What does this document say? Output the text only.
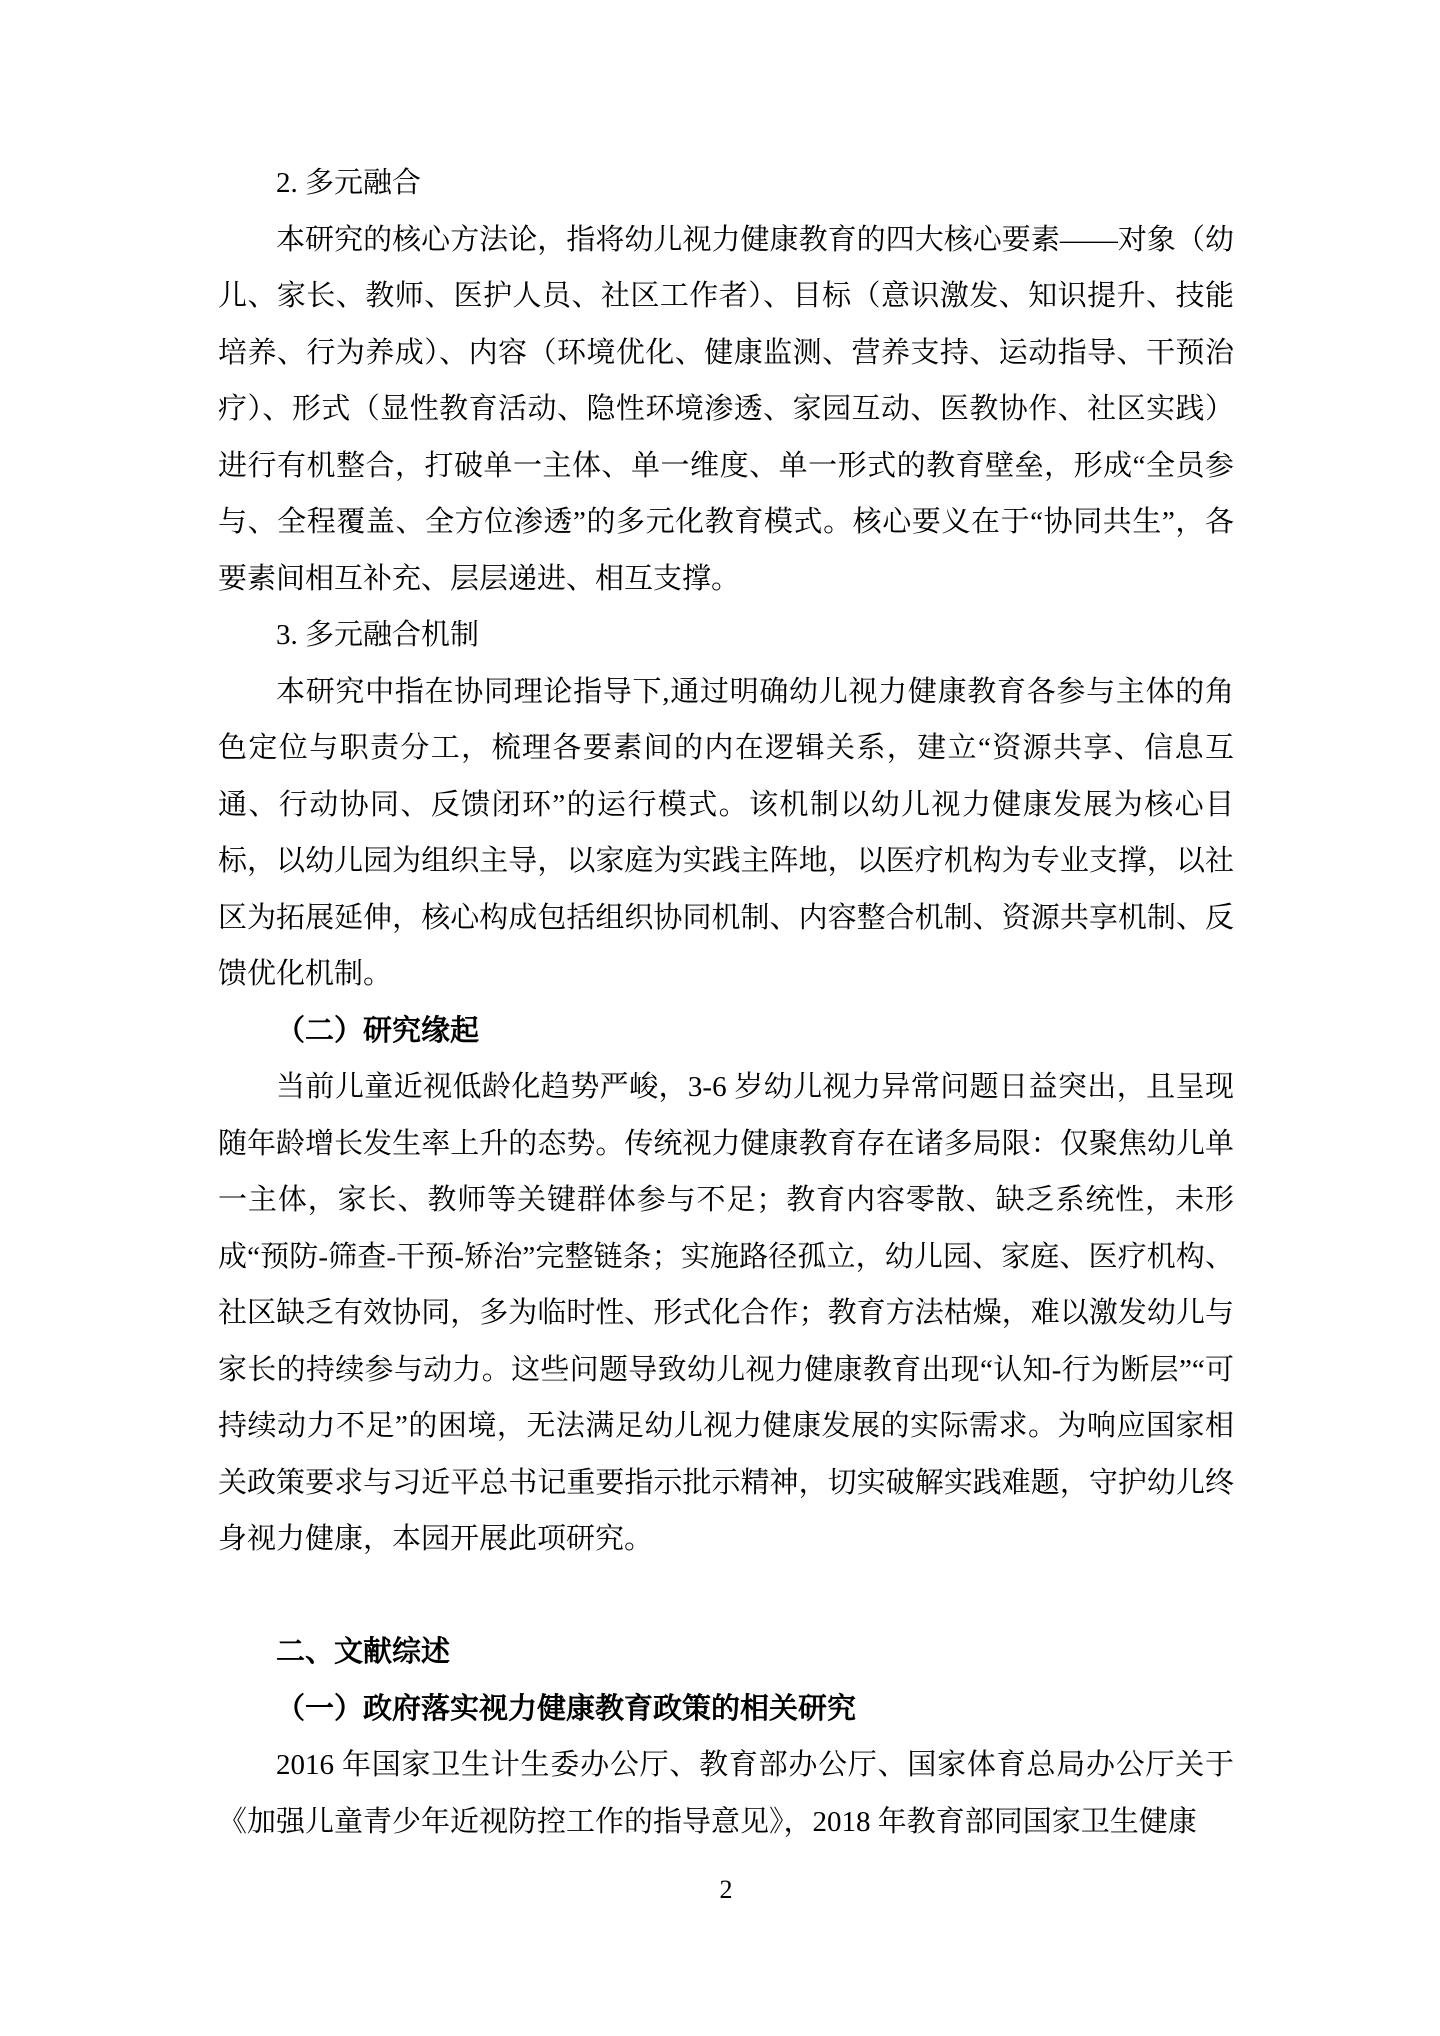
2. 多元融合

本研究的核心方法论，指将幼儿视力健康教育的四大核心要素——对象（幼儿、家长、教师、医护人员、社区工作者）、目标（意识激发、知识提升、技能培养、行为养成）、内容（环境优化、健康监测、营养支持、运动指导、干预治疗）、形式（显性教育活动、隐性环境渗透、家园互动、医教协作、社区实践）进行有机整合，打破单一主体、单一维度、单一形式的教育壁垒，形成“全员参与、全程覆盖、全方位渗透”的多元化教育模式。核心要义在于“协同共生”，各要素间相互补充、层层递进、相互支撑。

3. 多元融合机制

本研究中指在协同理论指导下,通过明确幼儿视力健康教育各参与主体的角色定位与职责分工，梳理各要素间的内在逻辑关系，建立“资源共享、信息互通、行动协同、反馈闭环”的运行模式。该机制以幼儿视力健康发展为核心目标，以幼儿园为组织主导，以家庭为实践主阵地，以医疗机构为专业支撑，以社区为拓展延伸，核心构成包括组织协同机制、内容整合机制、资源共享机制、反馈优化机制。

（二）研究缘起

当前儿童近视低龄化趋势严峻，3-6 岁幼儿视力异常问题日益突出，且呈现随年龄增长发生率上升的态势。传统视力健康教育存在诸多局限：仅聚焦幼儿单一主体，家长、教师等关键群体参与不足；教育内容零散、缺乏系统性，未形成“预防-筛查-干预-矫治”完整链条；实施路径孤立，幼儿园、家庭、医疗机构、社区缺乏有效协同，多为临时性、形式化合作；教育方法枯燥，难以激发幼儿与家长的持续参与动力。这些问题导致幼儿视力健康教育出现“认知-行为断层”“可持续动力不足”的困境，无法满足幼儿视力健康发展的实际需求。为响应国家相关政策要求与习近平总书记重要指示批示精神，切实破解实践难题，守护幼儿终身视力健康，本园开展此项研究。

二、文献综述

（一）政府落实视力健康教育政策的相关研究

2016 年国家卫生计生委办公厅、教育部办公厅、国家体育总局办公厅关于《加强儿童青少年近视防控工作的指导意见》，2018 年教育部同国家卫生健康

2
